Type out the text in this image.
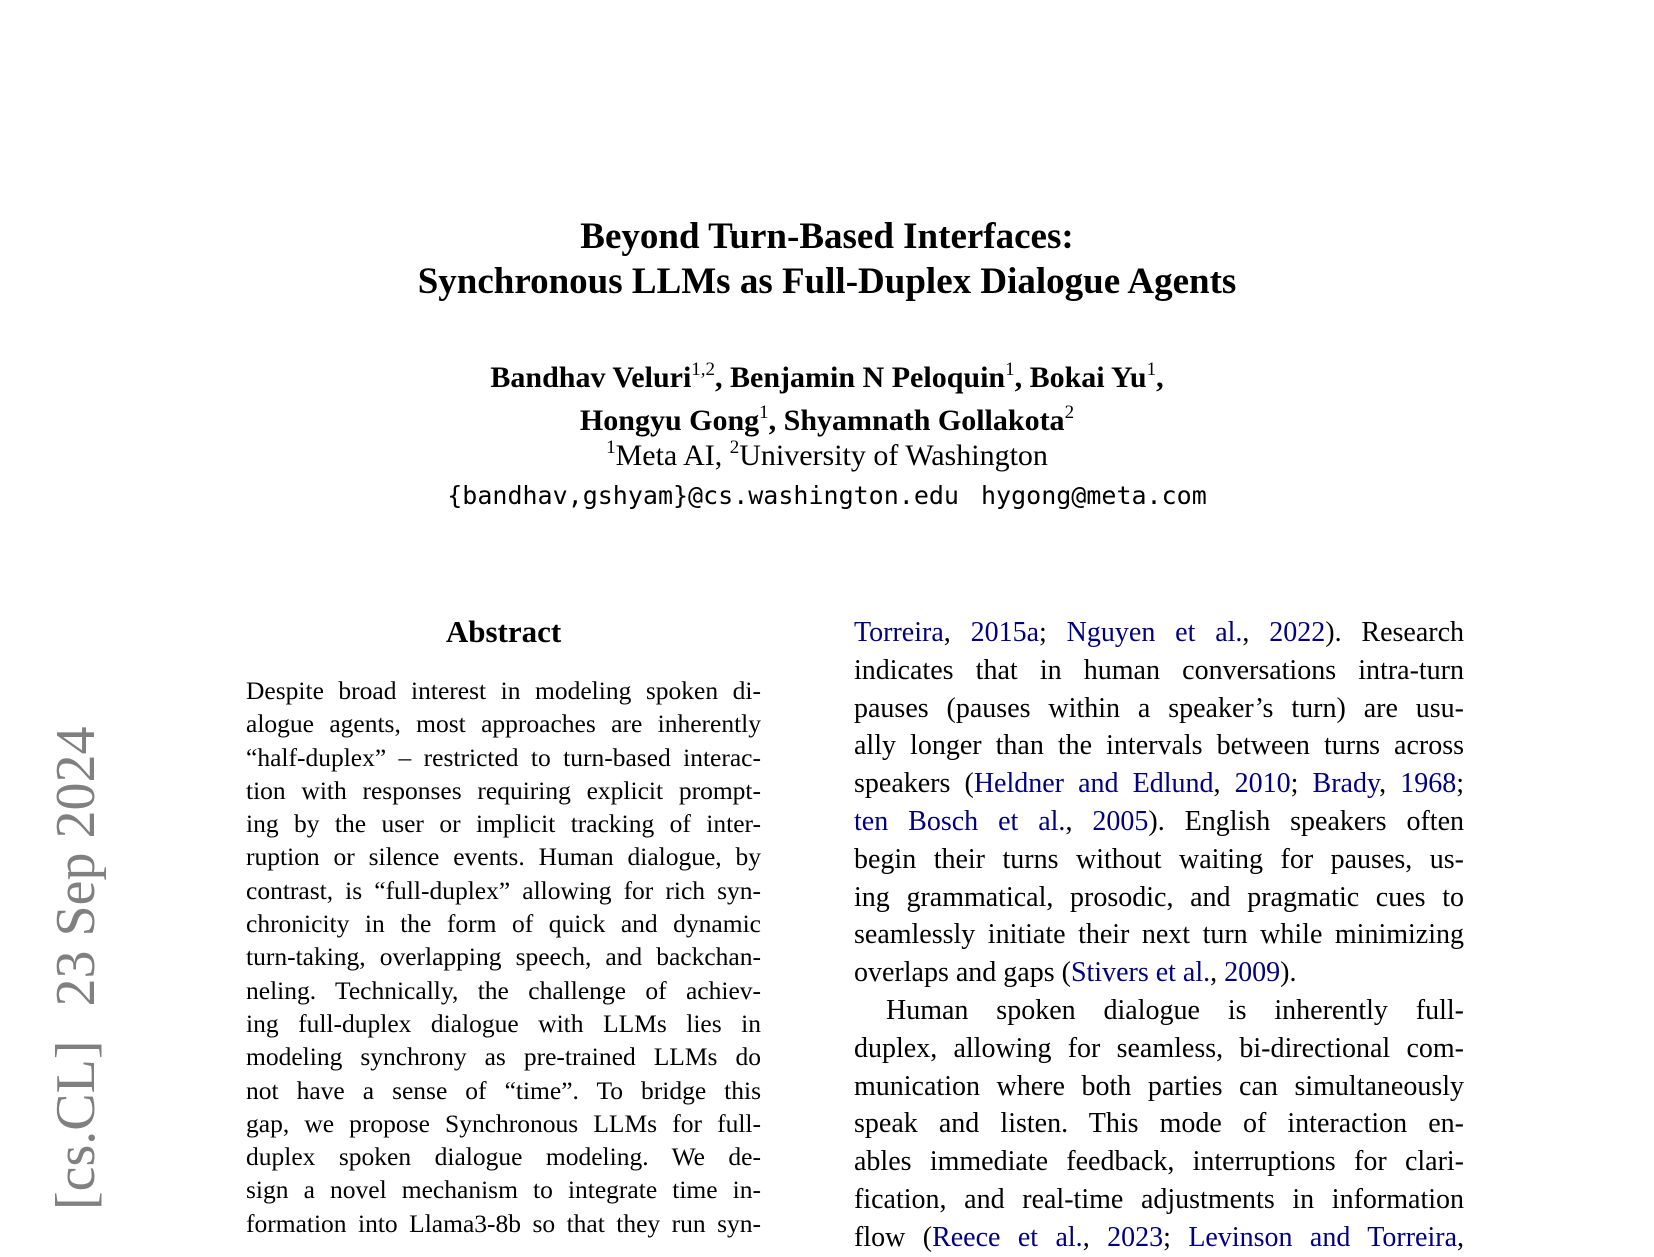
Beyond Turn-Based Interfaces:
Synchronous LLMs as Full-Duplex Dialogue Agents
Bandhav Veluri$^{1,2}$, Benjamin N Peloquin$^1$, Bokai Yu$^1$,
Hongyu Gong$^1$, Shyamnath Gollakota$^2$
$^1$Meta AI, $^2$University of Washington
{bandhav,gshyam}@cs.washington.edu hygong@meta.com
[cs.CL]23 Sep 2024
Abstract
Despite broad interest in modeling spoken di-
alogue agents, most approaches are inherently
“half-duplex” – restricted to turn-based interac-
tion with responses requiring explicit prompt-
ing by the user or implicit tracking of inter-
ruption or silence events. Human dialogue, by
contrast, is “full-duplex” allowing for rich syn-
chronicity in the form of quick and dynamic
turn-taking, overlapping speech, and backchan-
neling. Technically, the challenge of achiev-
ing full-duplex dialogue with LLMs lies in
modeling synchrony as pre-trained LLMs do
not have a sense of “time”. To bridge this
gap, we propose Synchronous LLMs for full-
duplex spoken dialogue modeling. We de-
sign a novel mechanism to integrate time in-
formation into Llama3-8b so that they run syn-
Torreira, 2015a; Nguyen et al., 2022). Research
indicates that in human conversations intra-turn
pauses (pauses within a speaker’s turn) are usu-
ally longer than the intervals between turns across
speakers (Heldner and Edlund, 2010; Brady, 1968;
ten Bosch et al., 2005). English speakers often
begin their turns without waiting for pauses, us-
ing grammatical, prosodic, and pragmatic cues to
seamlessly initiate their next turn while minimizing
overlaps and gaps (Stivers et al., 2009).
Human spoken dialogue is inherently full-
duplex, allowing for seamless, bi-directional com-
munication where both parties can simultaneously
speak and listen. This mode of interaction en-
ables immediate feedback, interruptions for clari-
fication, and real-time adjustments in information
flow (Reece et al., 2023; Levinson and Torreira,
